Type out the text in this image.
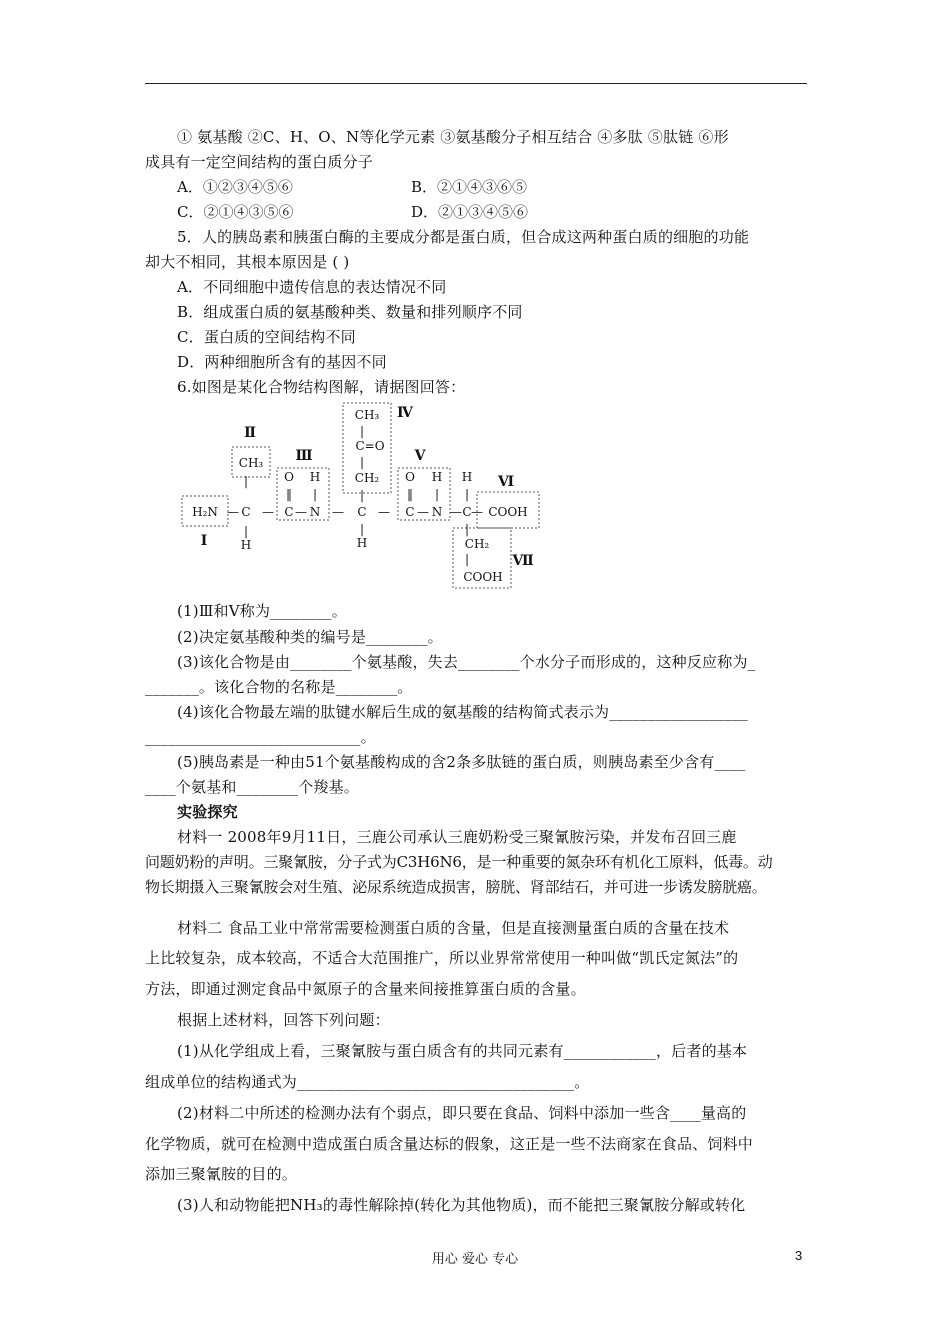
① 氨基酸 ②C、H、O、N等化学元素 ③氨基酸分子相互结合 ④多肽 ⑤肽链 ⑥形
成具有一定空间结构的蛋白质分子
A．①②③④⑤⑥	B．②①④③⑥⑤
C．②①④③⑤⑥	D．②①③④⑤⑥
5．人的胰岛素和胰蛋白酶的主要成分都是蛋白质，但合成这两种蛋白质的细胞的功能
却大不相同，其根本原因是 ( )
A．不同细胞中遗传信息的表达情况不同
B．组成蛋白质的氨基酸种类、数量和排列顺序不同
C．蛋白质的空间结构不同
D．两种细胞所含有的基因不同
6.如图是某化合物结构图解，请据图回答：
Ⅰ
Ⅱ
Ⅲ
Ⅳ
Ⅴ
Ⅵ
Ⅶ
H₂N — C — C — N — C — C — N — C — COOH
CH₃
|
|
H
O
‖
H
|
CH₃
|
C=O
|
CH₂
|
|
H
O
‖
H
|
H
|
|
CH₂
|
COOH
(1)Ⅲ和Ⅴ称为________。
(2)决定氨基酸种类的编号是________。
(3)该化合物是由________个氨基酸，失去________个水分子而形成的，这种反应称为_
_______。该化合物的名称是________。
(4)该化合物最左端的肽键水解后生成的氨基酸的结构简式表示为__________________
____________________________。
(5)胰岛素是一种由51个氨基酸构成的含2条多肽链的蛋白质，则胰岛素至少含有____
____个氨基和________个羧基。
实验探究
材料一 2008年9月11日，三鹿公司承认三鹿奶粉受三聚氰胺污染，并发布召回三鹿
问题奶粉的声明。三聚氰胺，分子式为C3H6N6，是一种重要的氮杂环有机化工原料，低毒。动
物长期摄入三聚氰胺会对生殖、泌尿系统造成损害，膀胱、肾部结石，并可进一步诱发膀胱癌。
材料二 食品工业中常常需要检测蛋白质的含量，但是直接测量蛋白质的含量在技术
上比较复杂，成本较高，不适合大范围推广，所以业界常常使用一种叫做“凯氏定氮法”的
方法，即通过测定食品中氮原子的含量来间接推算蛋白质的含量。
根据上述材料，回答下列问题：
(1)从化学组成上看，三聚氰胺与蛋白质含有的共同元素有____________，后者的基本
组成单位的结构通式为____________________________________。
(2)材料二中所述的检测办法有个弱点，即只要在食品、饲料中添加一些含____量高的
化学物质，就可在检测中造成蛋白质含量达标的假象，这正是一些不法商家在食品、饲料中
添加三聚氰胺的目的。
(3)人和动物能把NH₃的毒性解除掉(转化为其他物质)，而不能把三聚氰胺分解或转化
用心 爱心 专心	3
